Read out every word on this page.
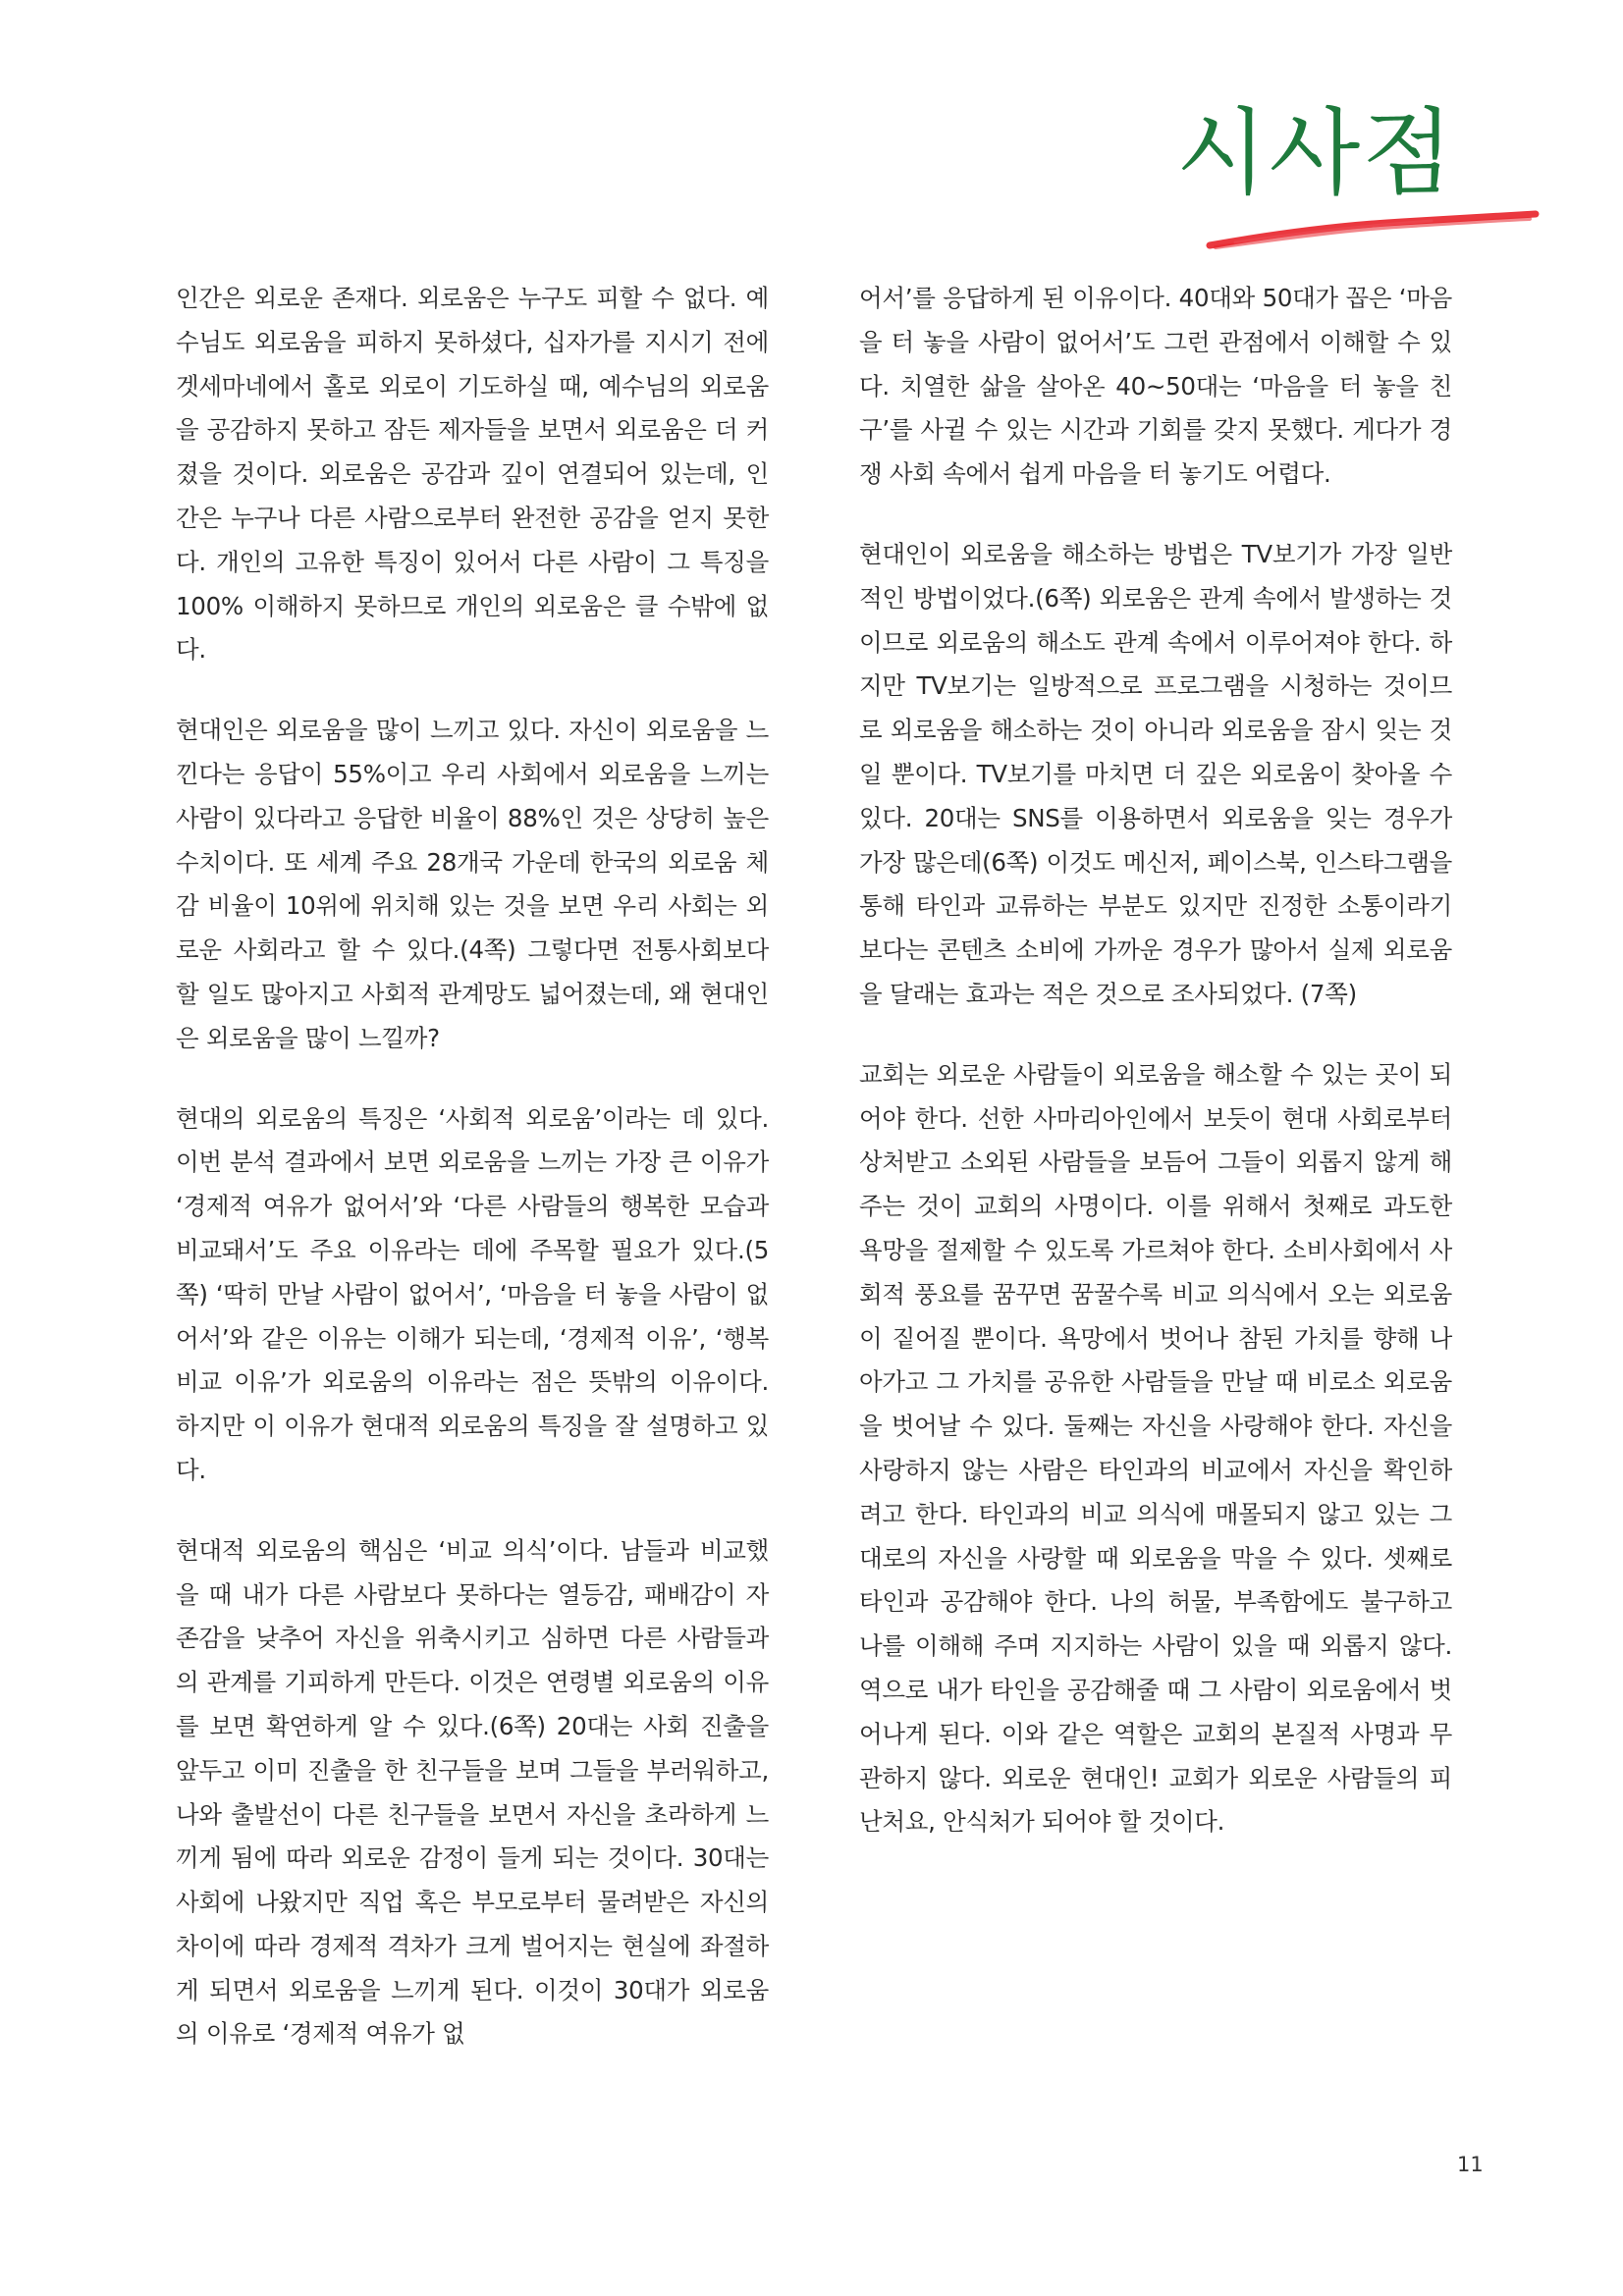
시사점

인간은 외로운 존재다. 외로움은 누구도 피할 수 없다. 예수님도 외로움을 피하지 못하셨다, 십자가를 지시기 전에 겟세마네에서 홀로 외로이 기도하실 때, 예수님의 외로움을 공감하지 못하고 잠든 제자들을 보면서 외로움은 더 커졌을 것이다. 외로움은 공감과 깊이 연결되어 있는데, 인간은 누구나 다른 사람으로부터 완전한 공감을 얻지 못한다. 개인의 고유한 특징이 있어서 다른 사람이 그 특징을 100% 이해하지 못하므로 개인의 외로움은 클 수밖에 없다.

현대인은 외로움을 많이 느끼고 있다. 자신이 외로움을 느낀다는 응답이 55%이고 우리 사회에서 외로움을 느끼는 사람이 있다라고 응답한 비율이 88%인 것은 상당히 높은 수치이다. 또 세계 주요 28개국 가운데 한국의 외로움 체감 비율이 10위에 위치해 있는 것을 보면 우리 사회는 외로운 사회라고 할 수 있다.(4쪽) 그렇다면 전통사회보다 할 일도 많아지고 사회적 관계망도 넓어졌는데, 왜 현대인은 외로움을 많이 느낄까?

현대의 외로움의 특징은 ‘사회적 외로움’이라는 데 있다. 이번 분석 결과에서 보면 외로움을 느끼는 가장 큰 이유가 ‘경제적 여유가 없어서’와 ‘다른 사람들의 행복한 모습과 비교돼서’도 주요 이유라는 데에 주목할 필요가 있다.(5쪽) ‘딱히 만날 사람이 없어서’, ‘마음을 터 놓을 사람이 없어서’와 같은 이유는 이해가 되는데, ‘경제적 이유’, ‘행복 비교 이유’가 외로움의 이유라는 점은 뜻밖의 이유이다. 하지만 이 이유가 현대적 외로움의 특징을 잘 설명하고 있다.

현대적 외로움의 핵심은 ‘비교 의식’이다. 남들과 비교했을 때 내가 다른 사람보다 못하다는 열등감, 패배감이 자존감을 낮추어 자신을 위축시키고 심하면 다른 사람들과의 관계를 기피하게 만든다. 이것은 연령별 외로움의 이유를 보면 확연하게 알 수 있다.(6쪽) 20대는 사회 진출을 앞두고 이미 진출을 한 친구들을 보며 그들을 부러워하고, 나와 출발선이 다른 친구들을 보면서 자신을 초라하게 느끼게 됨에 따라 외로운 감정이 들게 되는 것이다. 30대는 사회에 나왔지만 직업 혹은 부모로부터 물려받은 자신의 차이에 따라 경제적 격차가 크게 벌어지는 현실에 좌절하게 되면서 외로움을 느끼게 된다. 이것이 30대가 외로움의 이유로 ‘경제적 여유가 없

어서’를 응답하게 된 이유이다. 40대와 50대가 꼽은 ‘마음을 터 놓을 사람이 없어서’도 그런 관점에서 이해할 수 있다. 치열한 삶을 살아온 40~50대는 ‘마음을 터 놓을 친구’를 사귈 수 있는 시간과 기회를 갖지 못했다. 게다가 경쟁 사회 속에서 쉽게 마음을 터 놓기도 어렵다.

현대인이 외로움을 해소하는 방법은 TV보기가 가장 일반적인 방법이었다.(6쪽) 외로움은 관계 속에서 발생하는 것이므로 외로움의 해소도 관계 속에서 이루어져야 한다. 하지만 TV보기는 일방적으로 프로그램을 시청하는 것이므로 외로움을 해소하는 것이 아니라 외로움을 잠시 잊는 것일 뿐이다. TV보기를 마치면 더 깊은 외로움이 찾아올 수 있다. 20대는 SNS를 이용하면서 외로움을 잊는 경우가 가장 많은데(6쪽) 이것도 메신저, 페이스북, 인스타그램을 통해 타인과 교류하는 부분도 있지만 진정한 소통이라기보다는 콘텐츠 소비에 가까운 경우가 많아서 실제 외로움을 달래는 효과는 적은 것으로 조사되었다. (7쪽)

교회는 외로운 사람들이 외로움을 해소할 수 있는 곳이 되어야 한다. 선한 사마리아인에서 보듯이 현대 사회로부터 상처받고 소외된 사람들을 보듬어 그들이 외롭지 않게 해 주는 것이 교회의 사명이다. 이를 위해서 첫째로 과도한 욕망을 절제할 수 있도록 가르쳐야 한다. 소비사회에서 사회적 풍요를 꿈꾸면 꿈꿀수록 비교 의식에서 오는 외로움이 짙어질 뿐이다. 욕망에서 벗어나 참된 가치를 향해 나아가고 그 가치를 공유한 사람들을 만날 때 비로소 외로움을 벗어날 수 있다. 둘째는 자신을 사랑해야 한다. 자신을 사랑하지 않는 사람은 타인과의 비교에서 자신을 확인하려고 한다. 타인과의 비교 의식에 매몰되지 않고 있는 그대로의 자신을 사랑할 때 외로움을 막을 수 있다. 셋째로 타인과 공감해야 한다. 나의 허물, 부족함에도 불구하고 나를 이해해 주며 지지하는 사람이 있을 때 외롭지 않다. 역으로 내가 타인을 공감해줄 때 그 사람이 외로움에서 벗어나게 된다. 이와 같은 역할은 교회의 본질적 사명과 무관하지 않다. 외로운 현대인! 교회가 외로운 사람들의 피난처요, 안식처가 되어야 할 것이다.

11
